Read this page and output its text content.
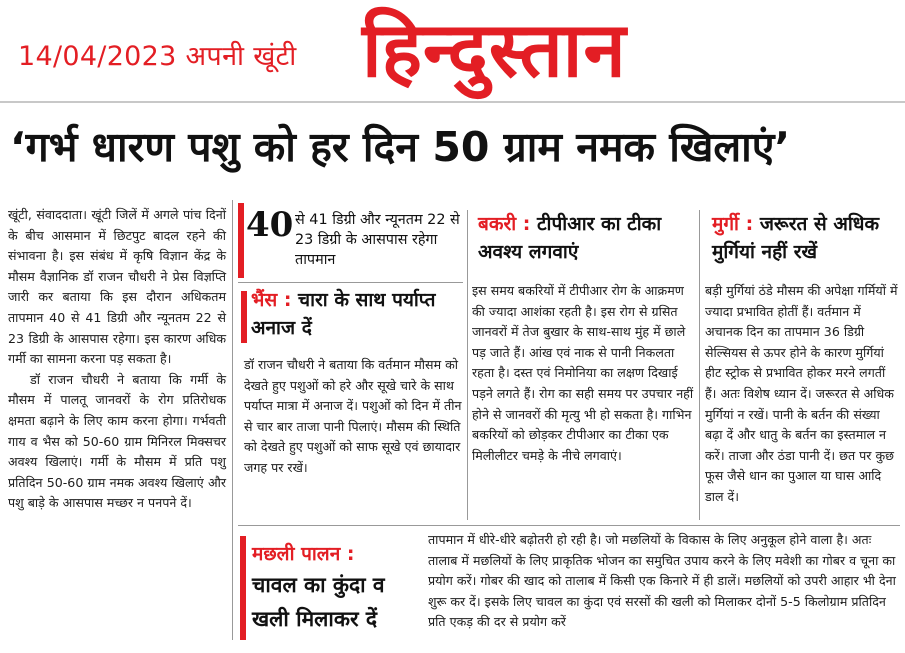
14/04/2023 अपनी खूंटी हिन्दुस्तान
‘गर्भ धारण पशु को हर दिन 50 ग्राम नमक खिलाएं’

खूंटी, संवाददाता। खूंटी जिलें में अगले पांच दिनों के बीच आसमान में छिटपुट बादल रहने की संभावना है। इस संबंध में कृषि विज्ञान केंद्र के मौसम वैज्ञानिक डॉ राजन चौधरी ने प्रेस विज्ञप्ति जारी कर बताया कि इस दौरान अधिकतम तापमान 40 से 41 डिग्री और न्यूनतम 22 से 23 डिग्री के आसपास रहेगा। इस कारण अधिक गर्मी का सामना करना पड़ सकता है।

डॉ राजन चौधरी ने बताया कि गर्मी के मौसम में पालतू जानवरों के रोग प्रतिरोधक क्षमता बढ़ाने के लिए काम करना होगा। गर्भवती गाय व भैस को 50-60 ग्राम मिनिरल मिक्सचर अवश्य खिलाएं। गर्मी के मौसम में प्रति पशु प्रतिदिन 50-60 ग्राम नमक अवश्य खिलाएं और पशु बाड़े के आसपास मच्छर न पनपने दें।

40 से 41 डिग्री और न्यूनतम 22 से 23 डिग्री के आसपास रहेगा तापमान
भैंस : चारा के साथ पर्याप्त अनाज दें

डॉ राजन चौधरी ने बताया कि वर्तमान मौसम को देखते हुए पशुओं को हरे और सूखे चारे के साथ पर्याप्त मात्रा में अनाज दें। पशुओं को दिन में तीन से चार बार ताजा पानी पिलाएं। मौसम की स्थिति को देखते हुए पशुओं को साफ सूखे एवं छायादार जगह पर रखें।

बकरी : टीपीआर का टीका अवश्य लगवाएं

इस समय बकरियों में टीपीआर रोग के आक्रमण की ज्यादा आशंका रहती है। इस रोग से ग्रसित जानवरों में तेज बुखार के साथ-साथ मुंह में छाले पड़ जाते हैं। आंख एवं नाक से पानी निकलता रहता है। दस्त एवं निमोनिया का लक्षण दिखाई पड़ने लगते हैं। रोग का सही समय पर उपचार नहीं होने से जानवरों की मृत्यु भी हो सकता है। गाभिन बकरियों को छोड़कर टीपीआर का टीका एक मिलीलीटर चमड़े के नीचे लगवाएं।

मुर्गी : जरूरत से अधिक मुर्गियां नहीं रखें

बड़ी मुर्गियां ठंडे मौसम की अपेक्षा गर्मियों में ज्यादा प्रभावित होतीं हैं। वर्तमान में अचानक दिन का तापमान 36 डिग्री सेल्सियस से ऊपर होने के कारण मुर्गियां हीट स्ट्रोक से प्रभावित होकर मरने लगतीं हैं। अतः विशेष ध्यान दें। जरूरत से अधिक मुर्गियां न रखें। पानी के बर्तन की संख्या बढ़ा दें और धातु के बर्तन का इस्तमाल न करें। ताजा और ठंडा पानी दें। छत पर कुछ फूस जैसे धान का पुआल या घास आदि डाल दें।

मछली पालन :
चावल का कुंदा व खली मिलाकर दें

तापमान में धीरे-धीरे बढ़ोतरी हो रही है। जो मछलियों के विकास के लिए अनुकूल होने वाला है। अतः तालाब में मछलियों के लिए प्राकृतिक भोजन का समुचित उपाय करने के लिए मवेशी का गोबर व चूना का प्रयोग करें। गोबर की खाद को तालाब में किसी एक किनारे में ही डालें। मछलियों को उपरी आहार भी देना शुरू कर दें। इसके लिए चावल का कुंदा एवं सरसों की खली को मिलाकर दोनों 5-5 किलोग्राम प्रतिदिन प्रति एकड़ की दर से प्रयोग करें
